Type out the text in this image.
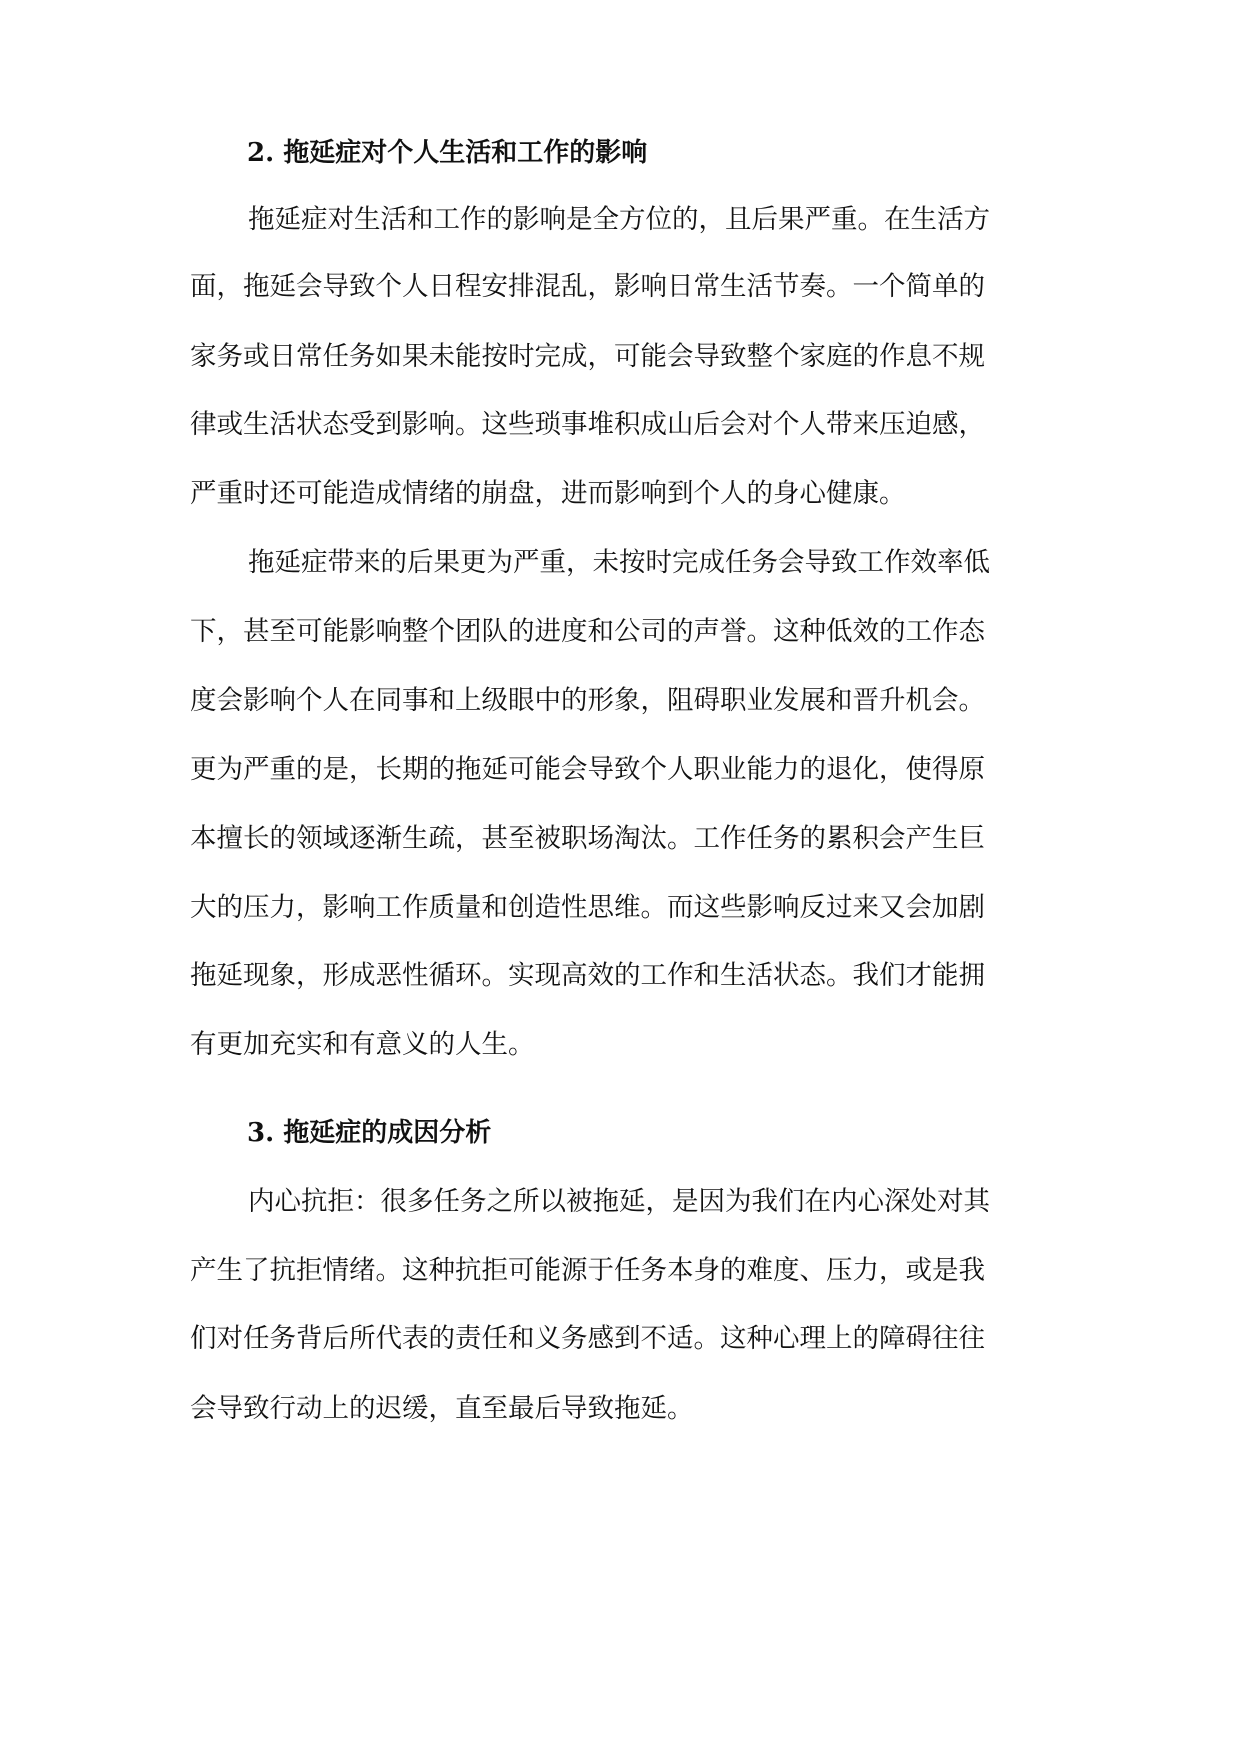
2. 拖延症对个人生活和工作的影响

拖延症对生活和工作的影响是全方位的，且后果严重。在生活方

面，拖延会导致个人日程安排混乱，影响日常生活节奏。一个简单的

家务或日常任务如果未能按时完成，可能会导致整个家庭的作息不规

律或生活状态受到影响。这些琐事堆积成山后会对个人带来压迫感，

严重时还可能造成情绪的崩盘，进而影响到个人的身心健康。

拖延症带来的后果更为严重，未按时完成任务会导致工作效率低

下，甚至可能影响整个团队的进度和公司的声誉。这种低效的工作态

度会影响个人在同事和上级眼中的形象，阻碍职业发展和晋升机会。

更为严重的是，长期的拖延可能会导致个人职业能力的退化，使得原

本擅长的领域逐渐生疏，甚至被职场淘汰。工作任务的累积会产生巨

大的压力，影响工作质量和创造性思维。而这些影响反过来又会加剧

拖延现象，形成恶性循环。实现高效的工作和生活状态。我们才能拥

有更加充实和有意义的人生。

3. 拖延症的成因分析

内心抗拒：很多任务之所以被拖延，是因为我们在内心深处对其

产生了抗拒情绪。这种抗拒可能源于任务本身的难度、压力，或是我

们对任务背后所代表的责任和义务感到不适。这种心理上的障碍往往

会导致行动上的迟缓，直至最后导致拖延。
